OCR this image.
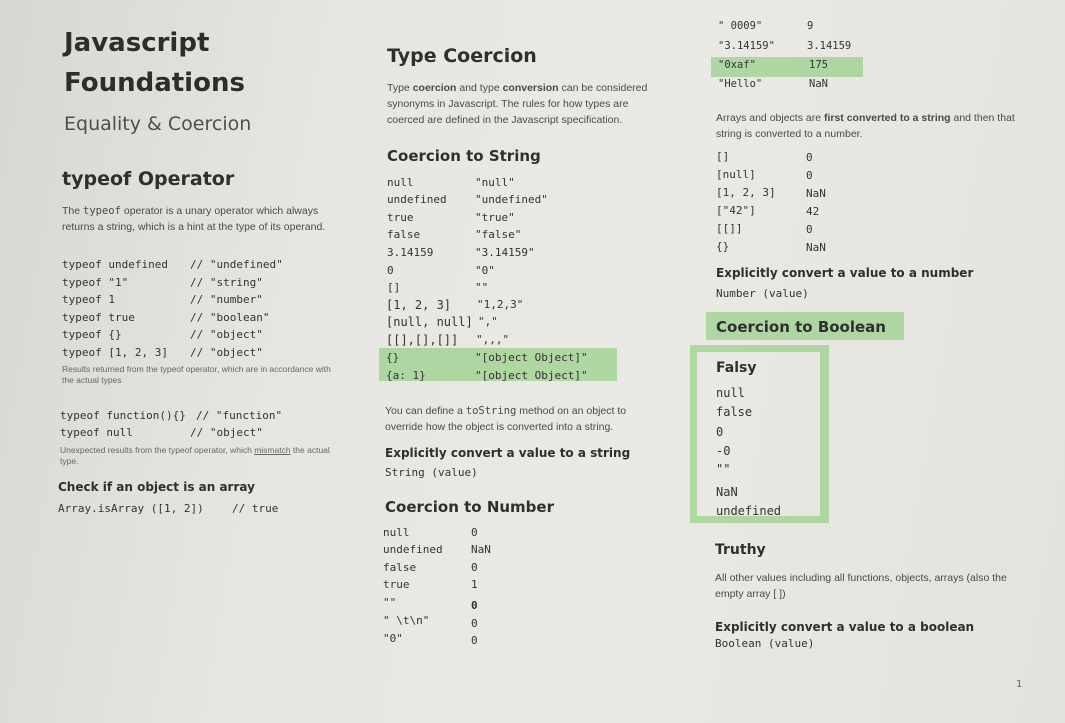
Javascript
Foundations
Equality & Coercion
typeof Operator
The typeof operator is a unary operator which always returns a string, which is a hint at the type of its operand.
typeof undefined // "undefined"
typeof "1"	// "string"
typeof 1	// "number"
typeof true	// "boolean"
typeof {}	// "object"
typeof [1, 2, 3] // "object"
Results returned from the typeof operator, which are in accordance with the actual types
typeof function(){} // "function"
typeof null	// "object"
Unexpected results from the typeof operator, which mismatch the actual type.
Check if an object is an array
Array.isArray ([1, 2])	// true
Type Coercion
Type coercion and type conversion can be considered synonyms in Javascript. The rules for how types are coerced are defined in the Javascript specification.
Coercion to String
null	"null"
undefined	"undefined"
true	"true"
false	"false"
3.14159	"3.14159"
0	"0"
[]	""
[1, 2, 3] "1,2,3"
[null, null] ","
[[],[],[]] ",,,"
{}	"[object Object]"
{a: 1}	"[object Object]"
You can define a toString method on an object to override how the object is converted into a string.
Explicitly convert a value to a string
String (value)
Coercion to Number
null	0
undefined	NaN
false	0
true	1
""	0
" \t\n"	0
"0"	0
" 0009"	9
"3.14159"	3.14159
"0xaf"	175
"Hello"	NaN
Arrays and objects are first converted to a string and then that string is converted to a number.
[]	0
[null]	0
[1, 2, 3]	NaN
["42"]	42
[[]]	0
{}	NaN
Explicitly convert a value to a number
Number (value)
Coercion to Boolean
Falsy
null
false
0
-0
""
NaN
undefined
Truthy
All other values including all functions, objects, arrays (also the empty array [ ])
Explicitly convert a value to a boolean
Boolean (value)
1
